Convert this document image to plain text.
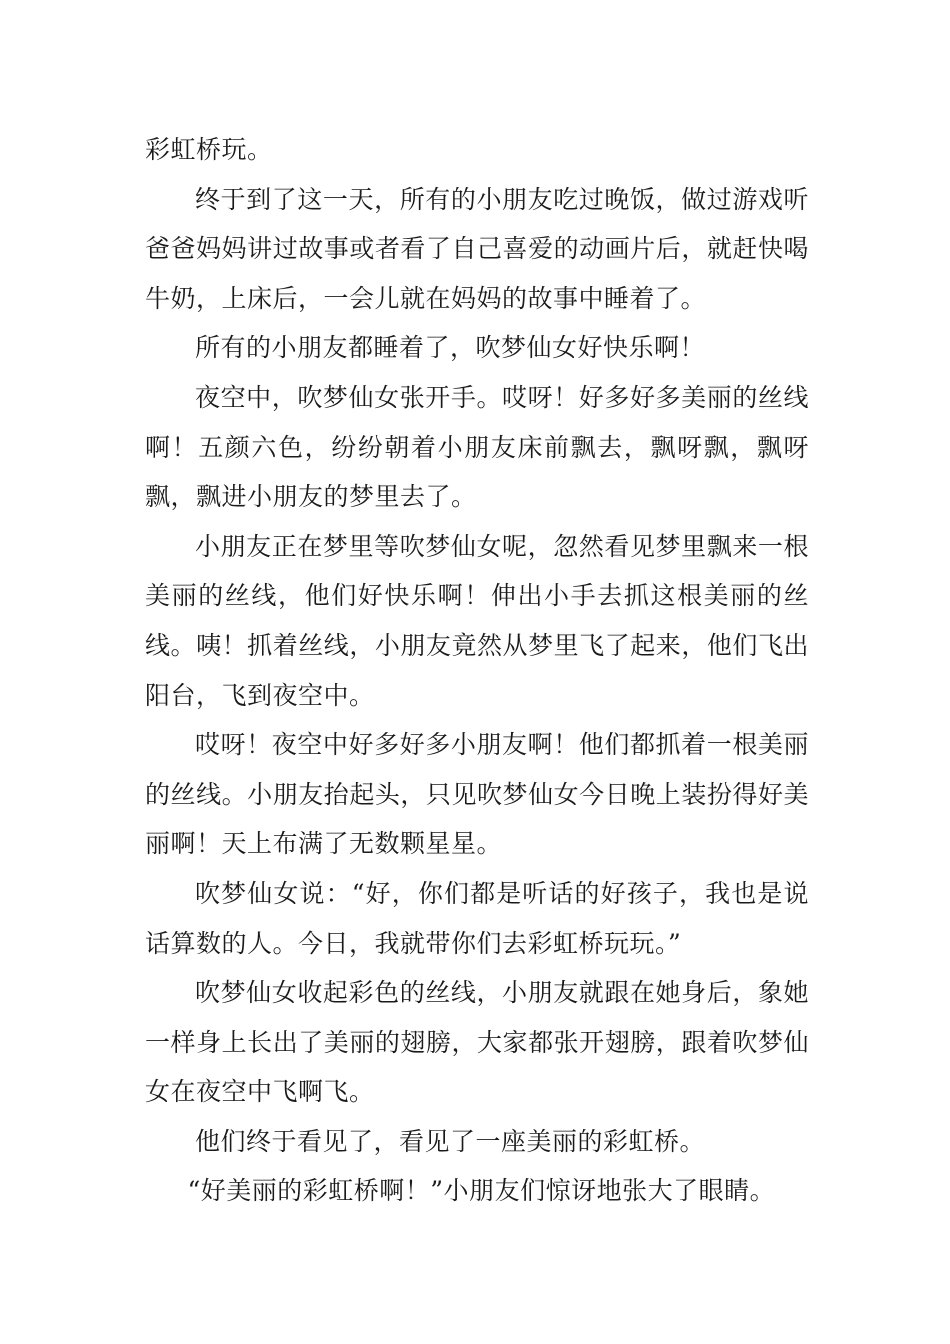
彩虹桥玩。

终于到了这一天，所有的小朋友吃过晚饭，做过游戏听爸爸妈妈讲过故事或者看了自己喜爱的动画片后，就赶快喝牛奶，上床后，一会儿就在妈妈的故事中睡着了。

所有的小朋友都睡着了，吹梦仙女好快乐啊！

夜空中，吹梦仙女张开手。哎呀！好多好多美丽的丝线啊！五颜六色，纷纷朝着小朋友床前飘去，飘呀飘，飘呀飘，飘进小朋友的梦里去了。

小朋友正在梦里等吹梦仙女呢，忽然看见梦里飘来一根美丽的丝线，他们好快乐啊！伸出小手去抓这根美丽的丝线。咦！抓着丝线，小朋友竟然从梦里飞了起来，他们飞出阳台，飞到夜空中。

哎呀！夜空中好多好多小朋友啊！他们都抓着一根美丽的丝线。小朋友抬起头，只见吹梦仙女今日晚上装扮得好美丽啊！天上布满了无数颗星星。

吹梦仙女说：“好，你们都是听话的好孩子，我也是说话算数的人。今日，我就带你们去彩虹桥玩玩。”

吹梦仙女收起彩色的丝线，小朋友就跟在她身后，象她一样身上长出了美丽的翅膀，大家都张开翅膀，跟着吹梦仙女在夜空中飞啊飞。

他们终于看见了，看见了一座美丽的彩虹桥。

“好美丽的彩虹桥啊！”小朋友们惊讶地张大了眼睛。
